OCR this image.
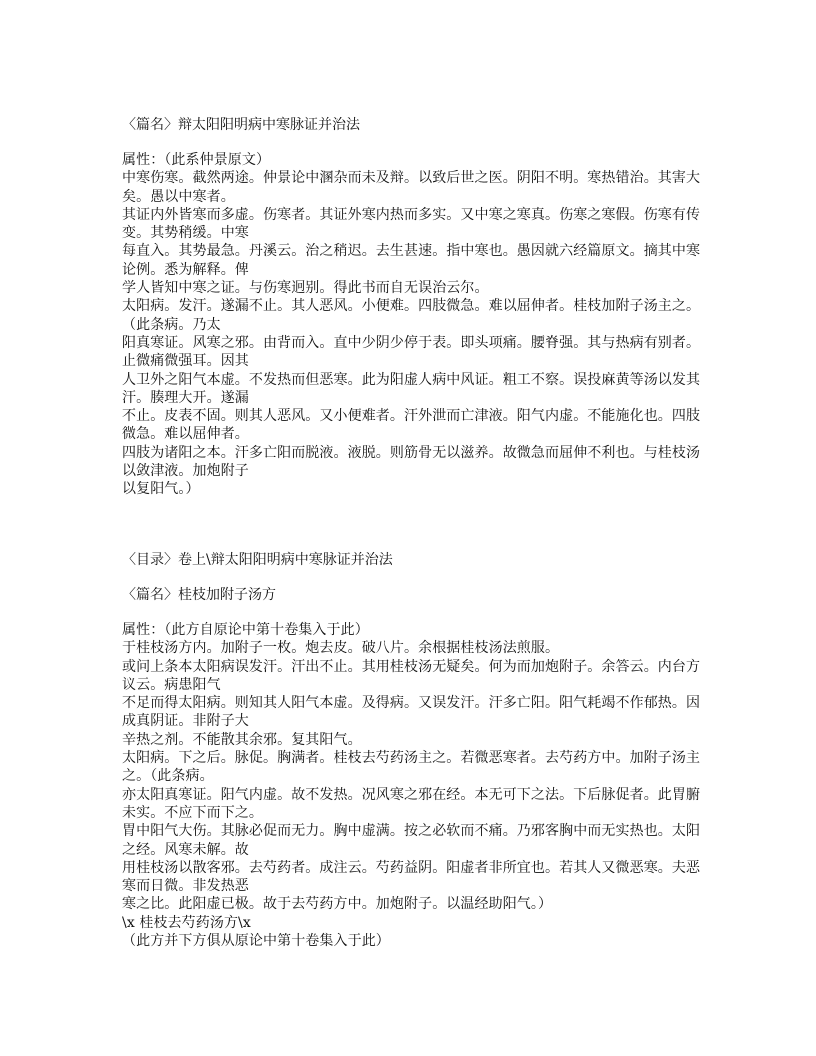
〈篇名〉辩太阳阳明病中寒脉证并治法
属性：（此系仲景原文）
中寒伤寒。截然两途。仲景论中溷杂而未及辩。以致后世之医。阴阳不明。寒热错治。其害大
矣。愚以中寒者。
其证内外皆寒而多虚。伤寒者。其证外寒内热而多实。又中寒之寒真。伤寒之寒假。伤寒有传
变。其势稍缓。中寒
每直入。其势最急。丹溪云。治之稍迟。去生甚速。指中寒也。愚因就六经篇原文。摘其中寒
论例。悉为解释。俾
学人皆知中寒之证。与伤寒迥别。得此书而自无误治云尔。
太阳病。发汗。遂漏不止。其人恶风。小便难。四肢微急。难以屈伸者。桂枝加附子汤主之。
（此条病。乃太
阳真寒证。风寒之邪。由背而入。直中少阴少停于表。即头项痛。腰脊强。其与热病有别者。
止微痛微强耳。因其
人卫外之阳气本虚。不发热而但恶寒。此为阳虚人病中风证。粗工不察。误投麻黄等汤以发其
汗。腠理大开。遂漏
不止。皮表不固。则其人恶风。又小便难者。汗外泄而亡津液。阳气内虚。不能施化也。四肢
微急。难以屈伸者。
四肢为诸阳之本。汗多亡阳而脱液。液脱。则筋骨无以滋养。故微急而屈伸不利也。与桂枝汤
以敛津液。加炮附子
以复阳气。）
〈目录〉卷上\辩太阳阳明病中寒脉证并治法
〈篇名〉桂枝加附子汤方
属性：（此方自原论中第十卷集入于此）
于桂枝汤方内。加附子一枚。炮去皮。破八片。余根据桂枝汤法煎服。
或问上条本太阳病误发汗。汗出不止。其用桂枝汤无疑矣。何为而加炮附子。余答云。内台方
议云。病患阳气
不足而得太阳病。则知其人阳气本虚。及得病。又误发汗。汗多亡阳。阳气耗竭不作郁热。因
成真阴证。非附子大
辛热之剂。不能散其余邪。复其阳气。
太阳病。下之后。脉促。胸满者。桂枝去芍药汤主之。若微恶寒者。去芍药方中。加附子汤主
之。（此条病。
亦太阳真寒证。阳气内虚。故不发热。况风寒之邪在经。本无可下之法。下后脉促者。此胃腑
未实。不应下而下之。
胃中阳气大伤。其脉必促而无力。胸中虚满。按之必软而不痛。乃邪客胸中而无实热也。太阳
之经。风寒未解。故
用桂枝汤以散客邪。去芍药者。成注云。芍药益阴。阳虚者非所宜也。若其人又微恶寒。夫恶
寒而日微。非发热恶
寒之比。此阳虚已极。故于去芍药方中。加炮附子。以温经助阳气。）
\x 桂枝去芍药汤方\x
（此方并下方俱从原论中第十卷集入于此）
